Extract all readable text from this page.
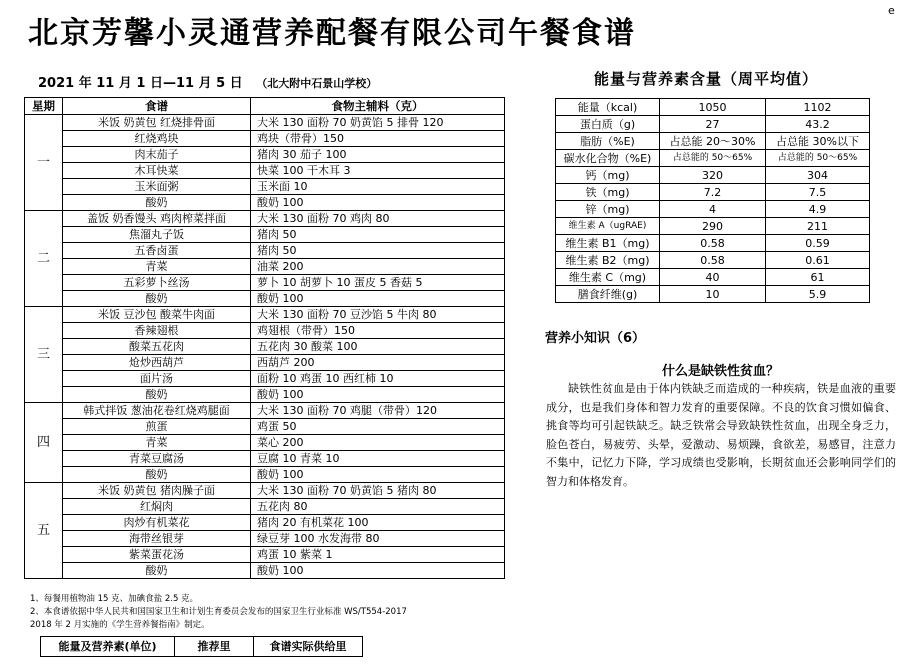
北京芳馨小灵通营养配餐有限公司午餐食谱
e
2021 年 11 月 1 日—11 月 5 日 （北大附中石景山学校）	能量与营养素含量（周平均值）
星期	食谱	食物主辅料（克）
一	米饭 奶黄包 红烧排骨面	大米 130 面粉 70 奶黄馅 5 排骨 120
	红烧鸡块	鸡块（带骨）150
	肉末茄子	猪肉 30 茄子 100
	木耳快菜	快菜 100 干木耳 3
	玉米面粥	玉米面 10
	酸奶	酸奶 100
二	盖饭 奶香馒头 鸡肉榨菜拌面	大米 130 面粉 70 鸡肉 80
	焦溜丸子饭	猪肉 50
	五香卤蛋	猪肉 50
	青菜	油菜 200
	五彩萝卜丝汤	萝卜 10 胡萝卜 10 蛋皮 5 香菇 5
	酸奶	酸奶 100
三	米饭 豆沙包 酸菜牛肉面	大米 130 面粉 70 豆沙馅 5 牛肉 80
	香辣翅根	鸡翅根（带骨）150
	酸菜五花肉	五花肉 30 酸菜 100
	炝炒西葫芦	西葫芦 200
	面片汤	面粉 10 鸡蛋 10 西红柿 10
	酸奶	酸奶 100
四	韩式拌饭 葱油花卷红烧鸡腿面	大米 130 面粉 70 鸡腿（带骨）120
	煎蛋	鸡蛋 50
	青菜	菜心 200
	青菜豆腐汤	豆腐 10 青菜 10
	酸奶	酸奶 100
五	米饭 奶黄包 猪肉臊子面	大米 130 面粉 70 奶黄馅 5 猪肉 80
	红焖肉	五花肉 80
	肉炒有机菜花	猪肉 20 有机菜花 100
	海带丝银芽	绿豆芽 100 水发海带 80
	紫菜蛋花汤	鸡蛋 10 紫菜 1
	酸奶	酸奶 100
能量（kcal)	1050	1102
蛋白质（g)	27	43.2
脂肪（%E)	占总能 20～30%	占总能 30%以下
碳水化合物（%E)	占总能的 50～65%	占总能的 50～65%
钙（mg)	320	304
铁（mg)	7.2	7.5
锌（mg)	4	4.9
维生素 A（ugRAE)	290	211
维生素 B1（mg)	0.58	0.59
维生素 B2（mg)	0.58	0.61
维生素 C（mg)	40	61
膳食纤维(g)	10	5.9
1、每餐用植物油 15 克、加碘食盐 2.5 克。
2、本食谱依据中华人民共和国国家卫生和计划生育委员会发布的国家卫生行业标准 WS/T554-2017
2018 年 2 月实施的《学生营养餐指南》制定。
能量及营养素(单位)	推荐里	食谱实际供给里
营养小知识（6）
什么是缺铁性贫血？
缺铁性贫血是由于体内铁缺乏而造成的一种疾病，铁是血液的重要成分，也是我们身体和智力发育的重要保障。不良的饮食习惯如偏食、挑食等均可引起铁缺乏。缺乏铁常会导致缺铁性贫血，出现全身乏力，脸色苍白，易疲劳、头晕，爱激动、易烦躁，食欲差，易感冒，注意力不集中，记忆力下降，学习成绩也受影响，长期贫血还会影响同学们的智力和体格发育。
